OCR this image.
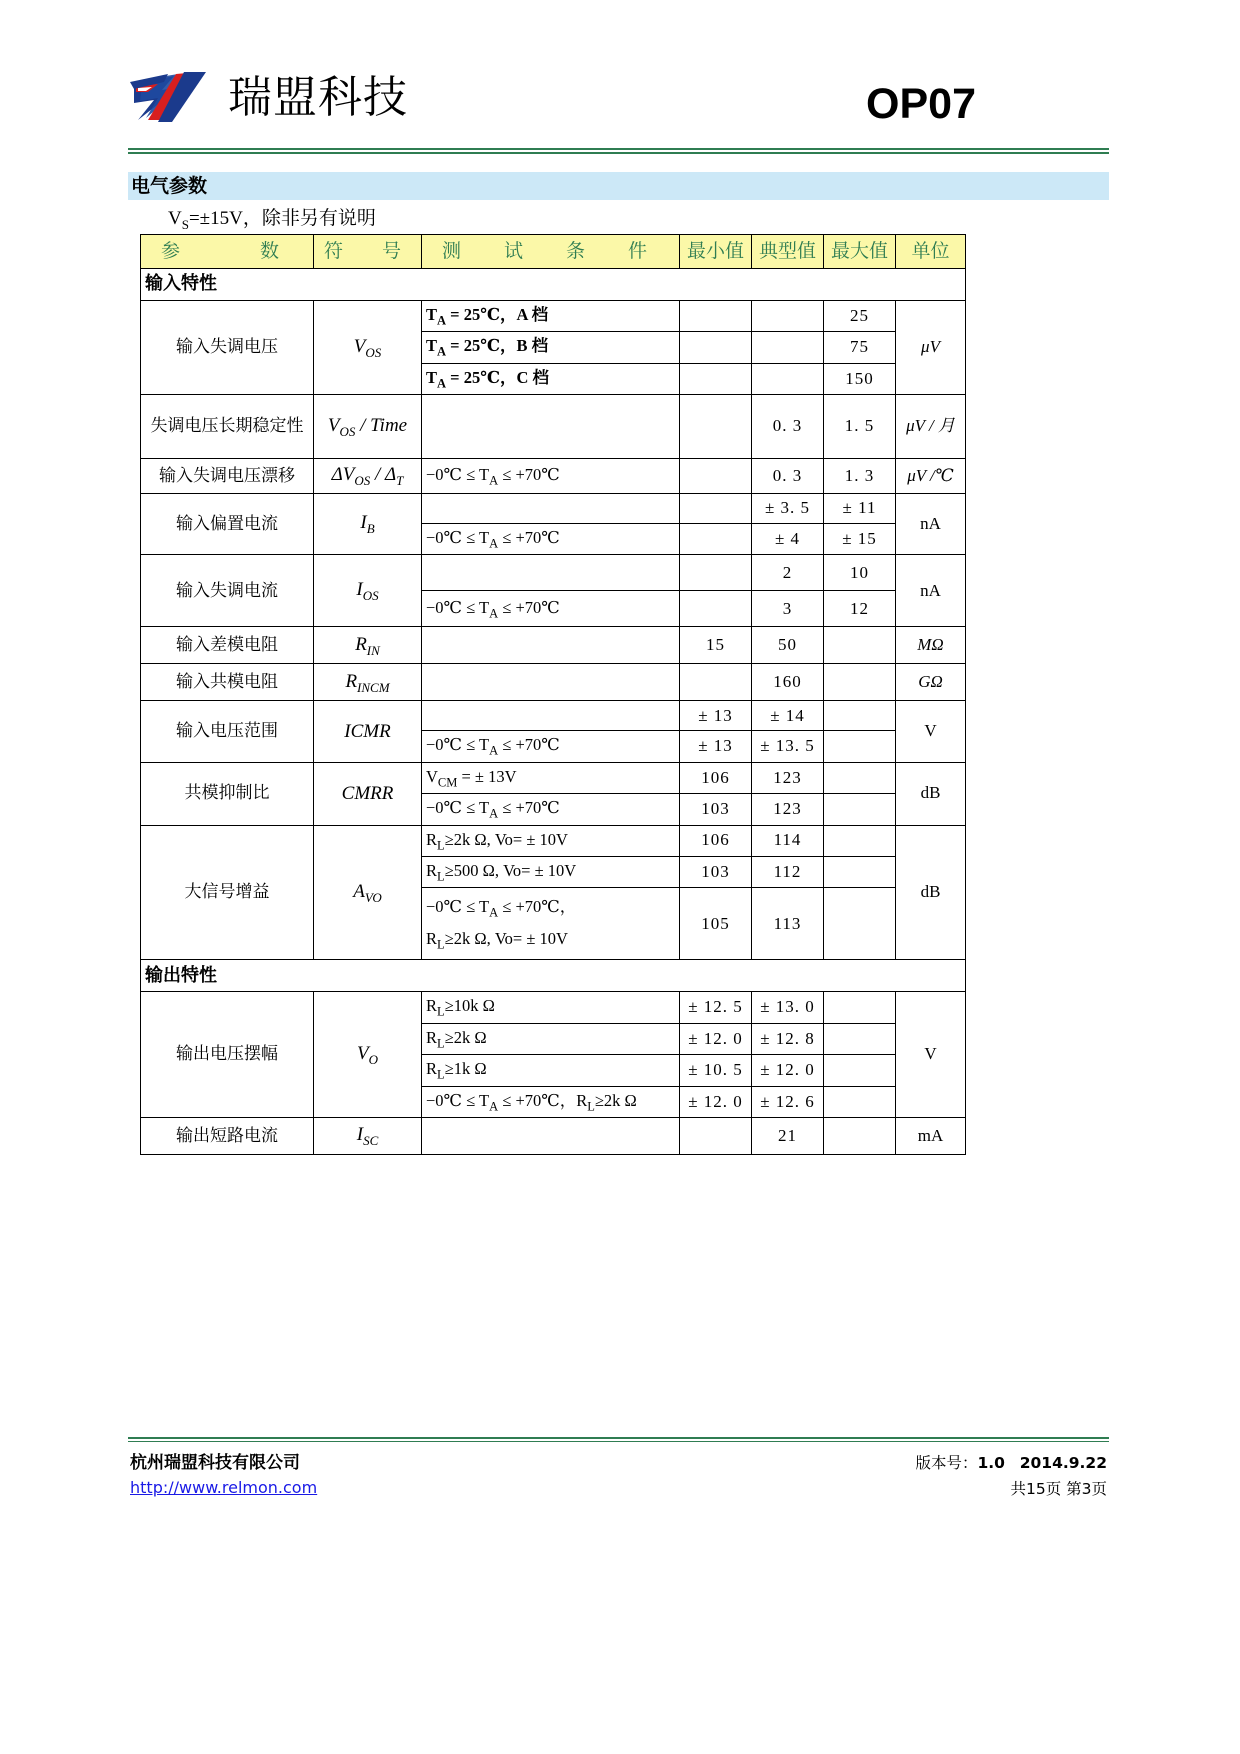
瑞盟科技	OP07
电气参数
$V_S=\pm 15V$，除非另有说明
参　　数	符　号	测　试　条　件	最小值	典型值	最大值	单位
输入特性						
输入失调电压	$V_{OS}$	$T_A$ = 25℃，A 档			25	μV
		$T_A$ = 25℃，B 档			75	
		$T_A$ = 25℃，C 档			150	
失调电压长期稳定性	$V_{OS}$ / Time			0. 3	1. 5	μV / 月
输入失调电压漂移	$\Delta V_{OS} / \Delta_T$	−0℃ ≤ $T_A$ ≤ +70℃		0. 3	1. 3	μV /℃
输入偏置电流	$I_B$			± 3. 5	± 11	nA
		−0℃ ≤ $T_A$ ≤ +70℃		± 4	± 15	
输入失调电流	$I_{OS}$			2	10	nA
		−0℃ ≤ $T_A$ ≤ +70℃		3	12	
输入差模电阻	$R_{IN}$		15	50		MΩ
输入共模电阻	$R_{INCM}$			160		GΩ
输入电压范围	ICMR		± 13	± 14		V
		−0℃ ≤ $T_A$ ≤ +70℃	± 13	± 13. 5		
共模抑制比	CMRR	$V_{CM}$ = ± 13V	106	123		dB
		−0℃ ≤ $T_A$ ≤ +70℃	103	123		
大信号增益	$A_{VO}$	$R_L\ge 2k$ Ω, Vo= ± 10V	106	114		dB
		$R_L\ge 500$ Ω, Vo= ± 10V	103	112		
		−0℃ ≤ $T_A$ ≤ +70℃，
$R_L\ge 2k$ Ω, Vo= ± 10V	105	113		
输出特性						
输出电压摆幅	$V_O$	$R_L\ge 10k$ Ω	± 12. 5	± 13. 0		V
		$R_L\ge 2k$ Ω	± 12. 0	± 12. 8		
		$R_L\ge 1k$ Ω	± 10. 5	± 12. 0		
		−0℃ ≤ $T_A$ ≤ +70℃，$R_L\ge 2k$ Ω	± 12. 0	± 12. 6		
输出短路电流	$I_{SC}$			21		mA
杭州瑞盟科技有限公司
http://www.relmon.com
版本号：1.0 2014.9.22
共15页 第3页
